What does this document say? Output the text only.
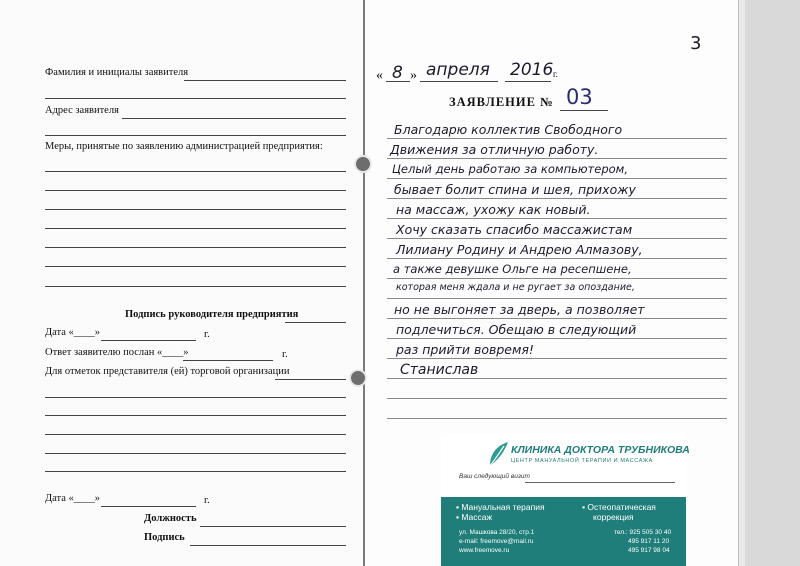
Фамилия и инициалы заявителя
Адрес заявителя
Меры, принятые по заявлению администрацией предприятия:
Подпись руководителя предприятия
Дата «____»	г.
Ответ заявителю послан «____»	г.
Для отметок представителя (ей) торговой организации
Дата «____»	г.
Должность
Подпись
3
« 8 » апреля 2016 г.
ЗАЯВЛЕНИЕ № 03
Благодарю коллектив Свободного
Движения за отличную работу.
Целый день работаю за компьютером,
бывает болит спина и шея, прихожу
на массаж, ухожу как новый.
Хочу сказать спасибо массажистам
Лилиану Родину и Андрею Алмазову,
а также девушке Ольге на ресепшене,
которая меня ждала и не ругает за опоздание,
но не выгоняет за дверь, а позволяет
подлечиться. Обещаю в следующий
раз прийти вовремя!
Станислав
КЛИНИКА ДОКТОРА ТРУБНИКОВА
ЦЕНТР МАНУАЛЬНОЙ ТЕРАПИИ И МАССАЖА
Ваш следующий визит
▪ Мануальная терапия
▪ Массаж
▪ Остеопатическая
коррекция
ул. Машкова 28/20, стр.1
e-mail: freemove@mail.ru
www.freemove.ru
тел.: 925 505 30 40
495 917 11 20
495 917 98 04
